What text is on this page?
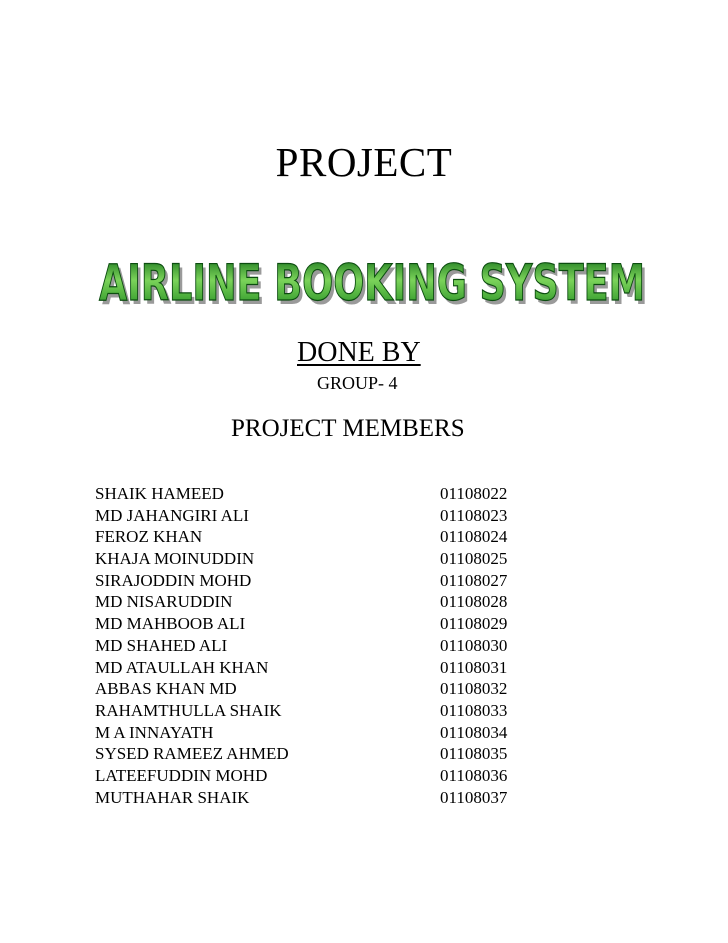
PROJECT
AIRLINE BOOKING SYSTEM
AIRLINE BOOKING SYSTEM
DONE BY
GROUP- 4
PROJECT MEMBERS
SHAIK HAMEED	01108022
MD JAHANGIRI ALI	01108023
FEROZ KHAN	01108024
KHAJA MOINUDDIN	01108025
SIRAJODDIN MOHD	01108027
MD NISARUDDIN	01108028
MD MAHBOOB ALI	01108029
MD SHAHED ALI	01108030
MD ATAULLAH KHAN	01108031
ABBAS KHAN MD	01108032
RAHAMTHULLA SHAIK	01108033
M A INNAYATH	01108034
SYSED RAMEEZ AHMED	01108035
LATEEFUDDIN MOHD	01108036
MUTHAHAR SHAIK	01108037
